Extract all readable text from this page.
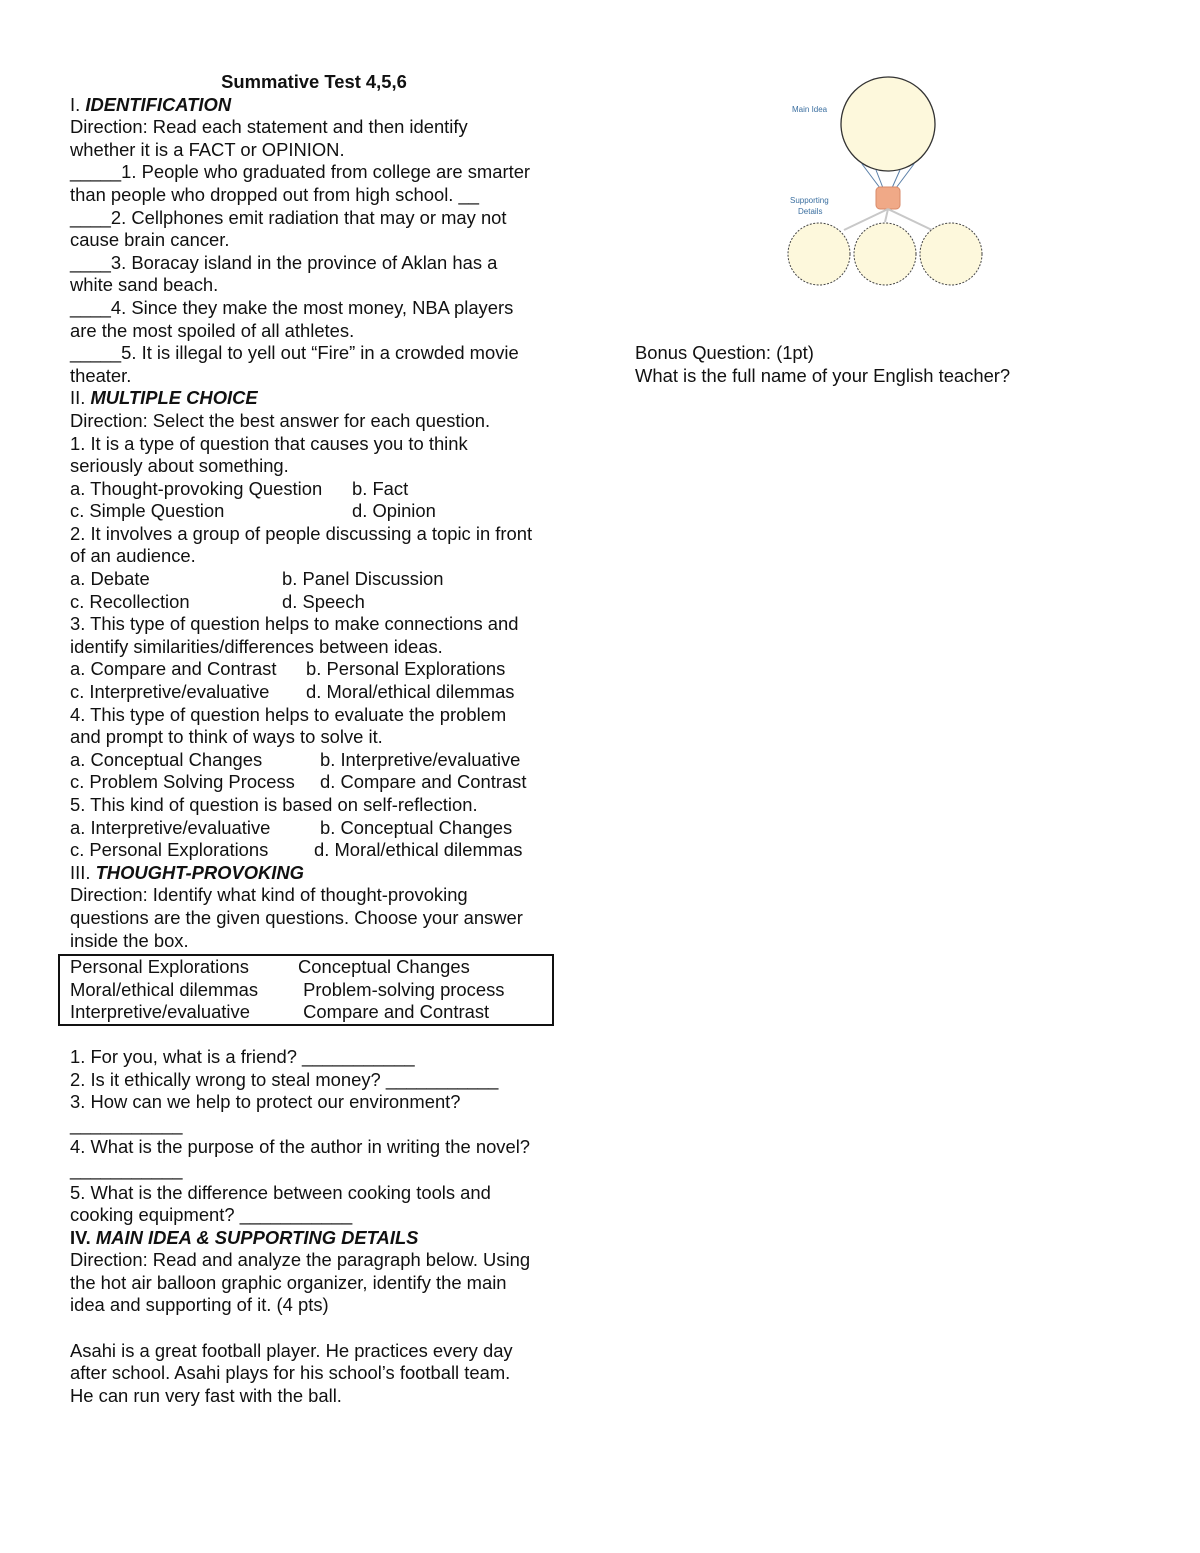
Summative Test 4,5,6
I. IDENTIFICATION
Direction: Read each statement and then identify
whether it is a FACT or OPINION.
_____1. People who graduated from college are smarter
than people who dropped out from high school. __
____2. Cellphones emit radiation that may or may not
cause brain cancer.
____3. Boracay island in the province of Aklan has a
white sand beach.
____4. Since they make the most money, NBA players
are the most spoiled of all athletes.
_____5. It is illegal to yell out “Fire” in a crowded movie
theater.
II. MULTIPLE CHOICE
Direction: Select the best answer for each question.
1. It is a type of question that causes you to think
seriously about something.
a. Thought-provoking Question b. Fact
c. Simple Question	d. Opinion
2. It involves a group of people discussing a topic in front
of an audience.
a. Debate	b. Panel Discussion
c. Recollection	d. Speech
3. This type of question helps to make connections and
identify similarities/differences between ideas.
a. Compare and Contrast b. Personal Explorations
c. Interpretive/evaluative d. Moral/ethical dilemmas
4. This type of question helps to evaluate the problem
and prompt to think of ways to solve it.
a. Conceptual Changes	b. Interpretive/evaluative
c. Problem Solving Process d. Compare and Contrast
5. This kind of question is based on self-reflection.
a. Interpretive/evaluative	b. Conceptual Changes
c. Personal Explorations d. Moral/ethical dilemmas
III. THOUGHT-PROVOKING
Direction: Identify what kind of thought-provoking
questions are the given questions. Choose your answer
inside the box.
Personal Explorations	Conceptual Changes
Moral/ethical dilemmas	Problem-solving process
Interpretive/evaluative	Compare and Contrast
1. For you, what is a friend? ___________
2. Is it ethically wrong to steal money? ___________
3. How can we help to protect our environment?
___________
4. What is the purpose of the author in writing the novel?
___________
5. What is the difference between cooking tools and
cooking equipment? ___________
IV. MAIN IDEA & SUPPORTING DETAILS
Direction: Read and analyze the paragraph below. Using
the hot air balloon graphic organizer, identify the main
idea and supporting of it. (4 pts)
Asahi is a great football player. He practices every day
after school. Asahi plays for his school’s football team.
He can run very fast with the ball.
Main Idea
Supporting
Details
Bonus Question: (1pt)
What is the full name of your English teacher?
